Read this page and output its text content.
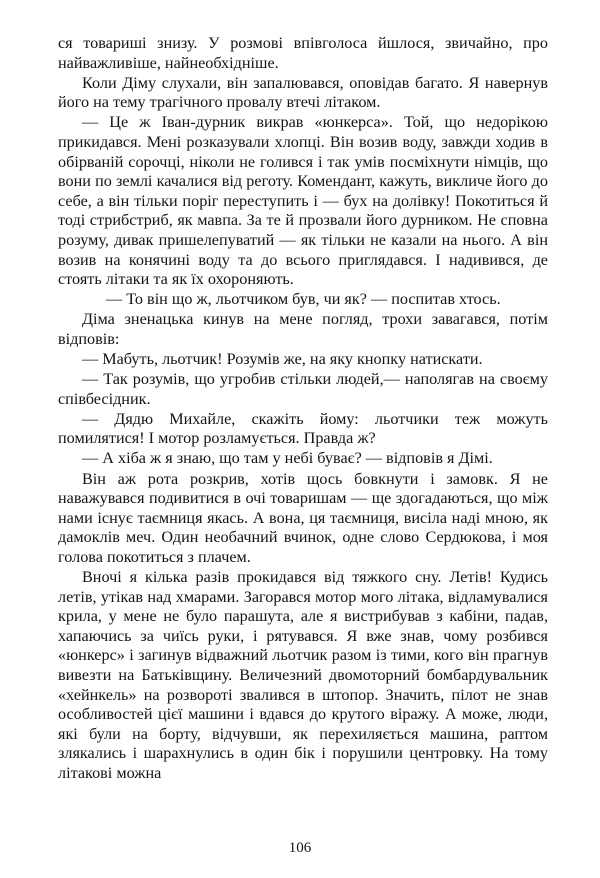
ся товариші знизу. У розмові впівголоса йшлося, звичайно, про найважливіше, найнеобхідніше.

Коли Діму слухали, він запалювався, оповідав багато. Я навернув його на тему трагічного провалу втечі літаком.

— Це ж Іван-дурник викрав «юнкерса». Той, що недорікою прикидався. Мені розказували хлопці. Він возив воду, завжди ходив в обірваній сорочці, ніколи не голився і так умів посміхнути німців, що вони по землі качалися від реготу. Комендант, кажуть, викличе його до себе, а він тільки поріг переступить і — бух на долівку! Покотиться й тоді стрибстриб, як мавпа. За те й прозвали його дурником. Не сповна розуму, дивак пришелепуватий — як тільки не казали на нього. А він возив на конячині воду та до всього приглядався. І надивився, де стоять літаки та як їх охороняють.

— То він що ж, льотчиком був, чи як? — поспитав хтось.

Діма зненацька кинув на мене погляд, трохи завагався, потім відповів:

— Мабуть, льотчик! Розумів же, на яку кнопку натискати.

— Так розумів, що угробив стільки людей,— наполягав на своєму співбесідник.

— Дядю Михайле, скажіть йому: льотчики теж можуть помилятися! І мотор розламується. Правда ж?

— А хіба ж я знаю, що там у небі буває? — відповів я Дімі.

Він аж рота розкрив, хотів щось бовкнути і замовк. Я не наважувався подивитися в очі товаришам — ще здогадаються, що між нами існує таємниця якась. А вона, ця таємниця, висіла наді мною, як дамоклів меч. Один необачний вчинок, одне слово Сердюкова, і моя голова покотиться з плачем.

Вночі я кілька разів прокидався від тяжкого сну. Летів! Кудись летів, утікав над хмарами. Загорався мотор мого літака, відламувалися крила, у мене не було парашута, але я вистрибував з кабіни, падав, хапаючись за чиїсь руки, і рятувався. Я вже знав, чому розбився «юнкерс» і загинув відважний льотчик разом із тими, кого він прагнув вивезти на Батьківщину. Величезний двомоторний бомбардувальник «хейнкель» на розвороті звалився в штопор. Значить, пілот не знав особливостей цієї машини і вдався до крутого віражу. А може, люди, які були на борту, відчувши, як перехиляється машина, раптом злякались і шарахнулись в один бік і порушили центровку. На тому літакові можна

106
